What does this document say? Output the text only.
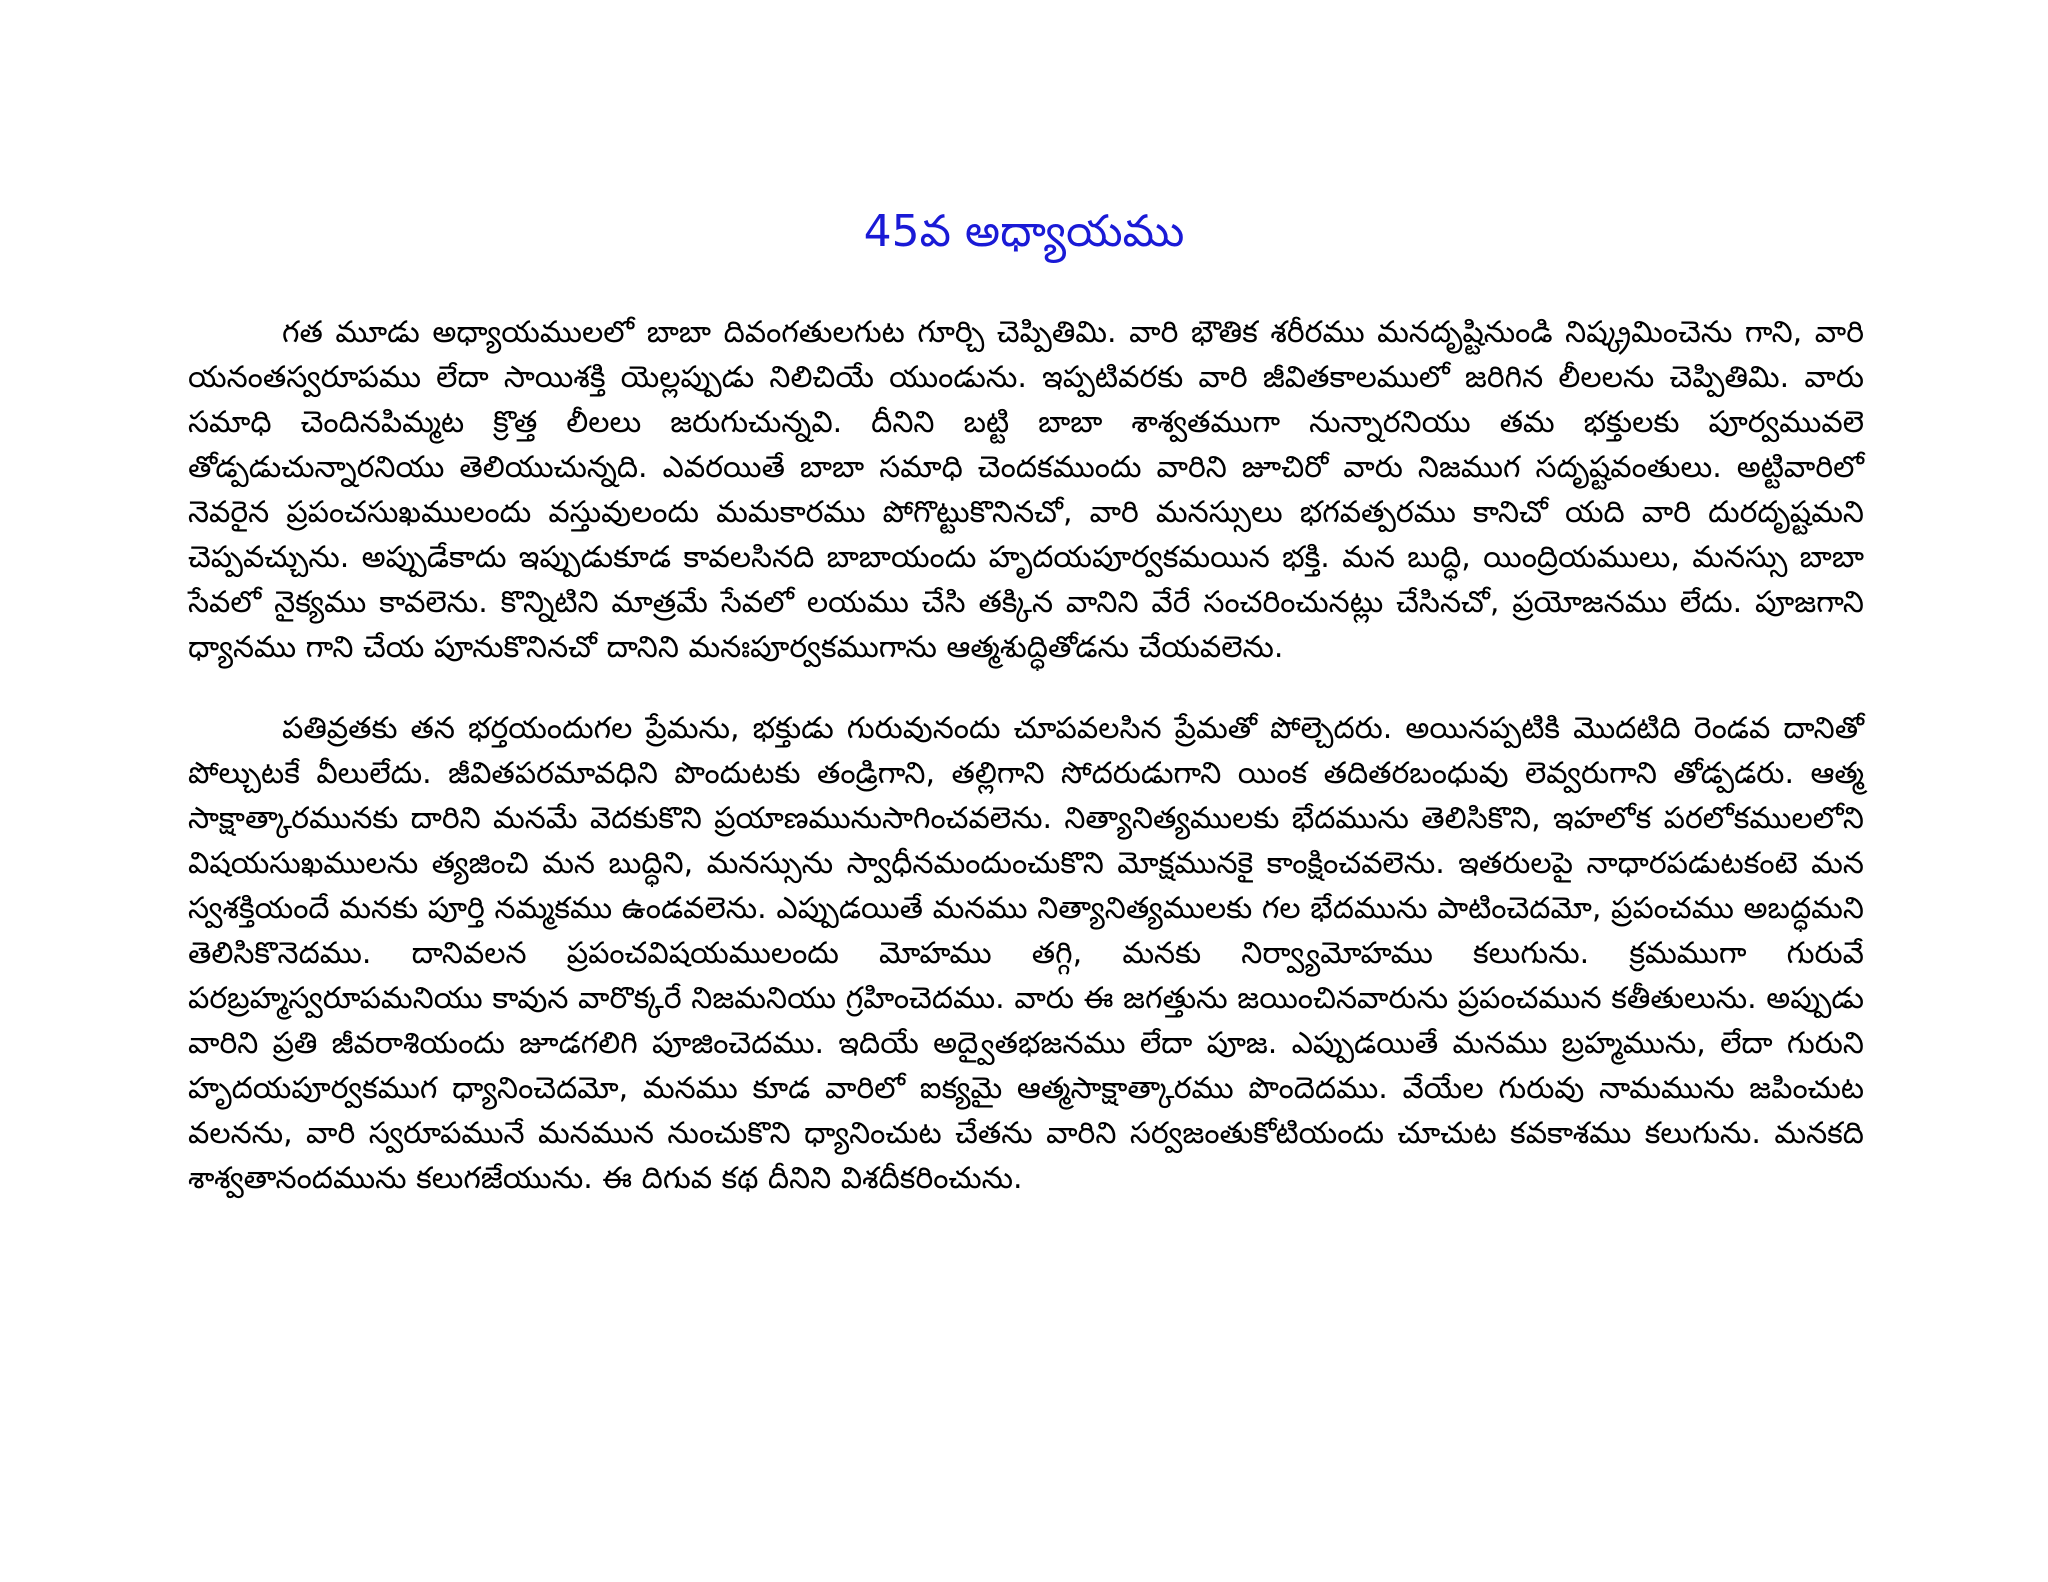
45వ అధ్యాయము

గత మూడు అధ్యాయములలో బాబా దివంగతులగుట గూర్చి చెప్పితిమి. వారి భౌతిక శరీరము మనదృష్టినుండి నిష్క్రమించెను గాని, వారి యనంతస్వరూపము లేదా సాయిశక్తి యెల్లప్పుడు నిలిచియే యుండును. ఇప్పటివరకు వారి జీవితకాలములో జరిగిన లీలలను చెప్పితిమి. వారు సమాధి చెందినపిమ్మట క్రొత్త లీలలు జరుగుచున్నవి. దీనిని బట్టి బాబా శాశ్వతముగా నున్నారనియు తమ భక్తులకు పూర్వమువలె తోడ్పడుచున్నారనియు తెలియుచున్నది. ఎవరయితే బాబా సమాధి చెందకముందు వారిని జూచిరో వారు నిజముగ సదృష్టవంతులు. అట్టివారిలో నెవరైన ప్రపంచసుఖములందు వస్తువులందు మమకారము పోగొట్టుకొనినచో, వారి మనస్సులు భగవత్పరము కానిచో యది వారి దురదృష్టమని చెప్పవచ్చును. అప్పుడేకాదు ఇప్పుడుకూడ కావలసినది బాబాయందు హృదయపూర్వకమయిన భక్తి. మన బుద్ధి, యింద్రియములు, మనస్సు బాబా సేవలో నైక్యము కావలెను. కొన్నిటిని మాత్రమే సేవలో లయము చేసి తక్కిన వానిని వేరే సంచరించునట్లు చేసినచో, ప్రయోజనము లేదు. పూజగాని ధ్యానము గాని చేయ పూనుకొనినచో దానిని మనఃపూర్వకముగాను ఆత్మశుద్ధితోడను చేయవలెను.

పతివ్రతకు తన భర్తయందుగల ప్రేమను, భక్తుడు గురువునందు చూపవలసిన ప్రేమతో పోల్చెదరు. అయినప్పటికి మొదటిది రెండవ దానితో పోల్చుటకే వీలులేదు. జీవితపరమావధిని పొందుటకు తండ్రిగాని, తల్లిగాని సోదరుడుగాని యింక తదితరబంధువు లెవ్వరుగాని తోడ్పడరు. ఆత్మ సాక్షాత్కారమునకు దారిని మనమే వెదకుకొని ప్రయాణమునుసాగించవలెను. నిత్యానిత్యములకు భేదమును తెలిసికొని, ఇహలోక పరలోకములలోని విషయసుఖములను త్యజించి మన బుద్ధిని, మనస్సును స్వాధీనమందుంచుకొని మోక్షమునకై కాంక్షించవలెను. ఇతరులపై నాధారపడుటకంటె మన స్వశక్తియందే మనకు పూర్తి నమ్మకము ఉండవలెను. ఎప్పుడయితే మనము నిత్యానిత్యములకు గల భేదమును పాటించెదమో, ప్రపంచము అబద్ధమని తెలిసికొనెదము. దానివలన ప్రపంచవిషయములందు మోహము తగ్గి, మనకు నిర్వ్యామోహము కలుగును. క్రమముగా గురువే పరబ్రహ్మస్వరూపమనియు కావున వారొక్కరే నిజమనియు గ్రహించెదము. వారు ఈ జగత్తును జయించినవారును ప్రపంచమున కతీతులును. అప్పుడు వారిని ప్రతి జీవరాశియందు జూడగలిగి పూజించెదము. ఇదియే అద్వైతభజనము లేదా పూజ. ఎప్పుడయితే మనము బ్రహ్మమును, లేదా గురుని హృదయపూర్వకముగ ధ్యానించెదమో, మనము కూడ వారిలో ఐక్యమై ఆత్మసాక్షాత్కారము పొందెదము. వేయేల గురువు నామమును జపించుట వలనను, వారి స్వరూపమునే మనమున నుంచుకొని ధ్యానించుట చేతను వారిని సర్వజంతుకోటియందు చూచుట కవకాశము కలుగును. మనకది శాశ్వతానందమును కలుగజేయును. ఈ దిగువ కథ దీనిని విశదీకరించును.
